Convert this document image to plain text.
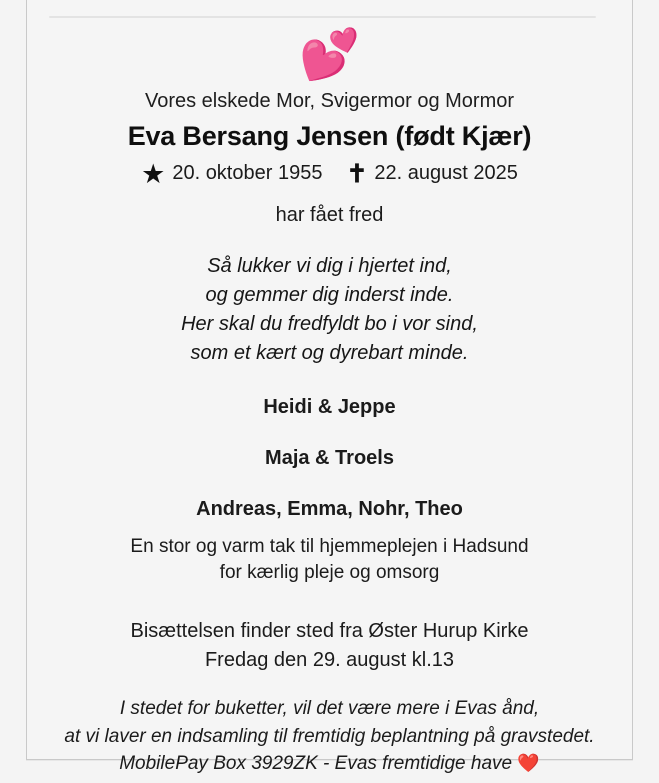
💕
Vores elskede Mor, Svigermor og Mormor
Eva Bersang Jensen (født Kjær)
★ 20. oktober 1955 ✝ 22. august 2025
har fået fred
Så lukker vi dig i hjertet ind,
og gemmer dig inderst inde.
Her skal du fredfyldt bo i vor sind,
som et kært og dyrebart minde.
Heidi & Jeppe
Maja & Troels
Andreas, Emma, Nohr, Theo
En stor og varm tak til hjemmeplejen i Hadsund
for kærlig pleje og omsorg
Bisættelsen finder sted fra Øster Hurup Kirke
Fredag den 29. august kl.13
I stedet for buketter, vil det være mere i Evas ånd,
at vi laver en indsamling til fremtidig beplantning på gravstedet.
MobilePay Box 3929ZK - Evas fremtidige have ❤️
